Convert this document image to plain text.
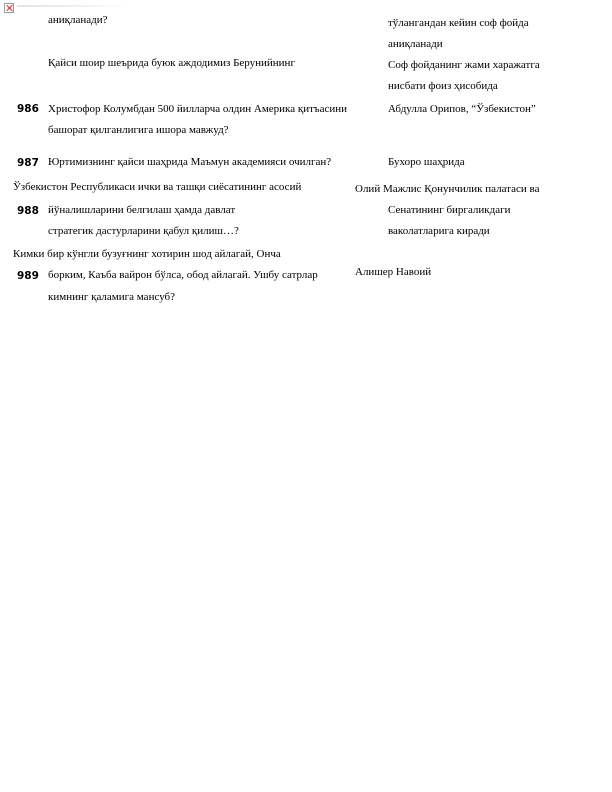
аниқланади?	тўлангандан кейин соф фойда
аниқланади
Қайси шоир шеърида буюк аждодимиз Берунийнинг	Соф фойданинг жами харажатга
нисбати фоиз ҳисобида
986 Христофор Колумбдан 500 йилларча олдин Америка қитъасини	Абдулла Орипов, “Ўзбекистон”
башорат қилганлигига ишора мавжуд?
987 Юртимизнинг қайси шаҳрида Маъмун академияси очилган?	Бухоро шаҳрида
Ўзбекистон Республикаси ички ва ташқи сиёсатининг асосий	Олий Мажлис Қонунчилик палатаси ва
988 йўналишларини белгилаш ҳамда давлат	Сенатининг биргаликдаги
стратегик дастурларини қабул қилиш…?	ваколатларига киради
Кимки бир кўнгли бузуғнинг хотирин шод айлагай, Онча
989 борким, Каъба вайрон бўлса, обод айлагай. Ушбу сатрлар	Алишер Навоий
кимнинг қаламига мансуб?
